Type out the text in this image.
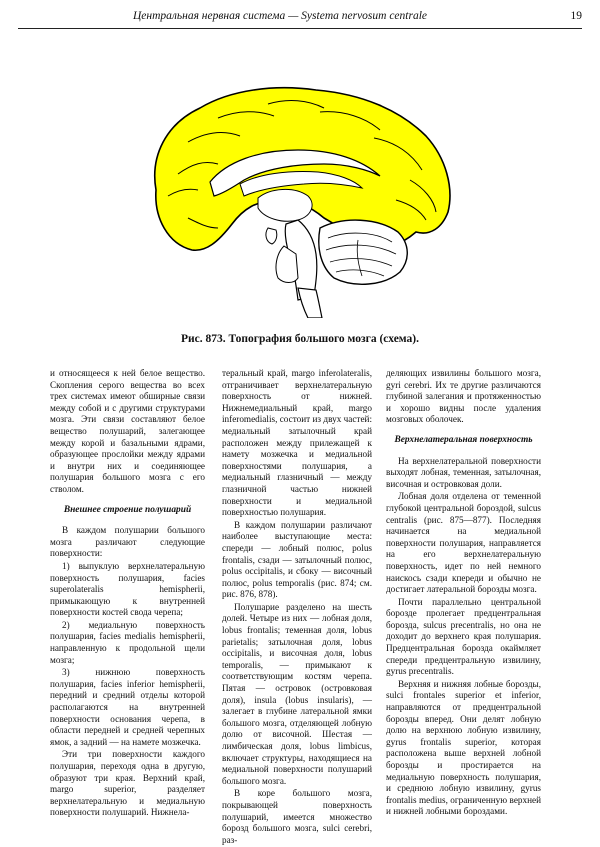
Центральная нервная система — Systema nervosum centrale	19
Рис. 873. Топография большого мозга (схема).

и относящееся к ней белое вещество. Скопления серого вещества во всех трех системах имеют обширные связи между собой и с другими структурами мозга. Эти связи составляют белое вещество полушарий, залегающее между корой и базальными ядрами, образующее прослойки между ядрами и внутри них и соединяющее полушария большого мозга с его стволом.

Внешнее строение полушарий

В каждом полушарии большого мозга различают следующие поверхности:

1) выпуклую верхнелатеральную поверхность полушария, facies superolateralis hemispherii, примыкающую к внутренней поверхности костей свода черепа;

2) медиальную поверхность полушария, facies medialis hemispherii, направленную к продольной щели мозга;

3) нижнюю поверхность полушария, facies inferior hemispherii, передний и средний отделы которой располагаются на внутренней поверхности основания черепа, в области передней и средней черепных ямок, а задний — на намете мозжечка.

Эти три поверхности каждого полушария, переходя одна в другую, образуют три края. Верхний край, margo superior, разделяет верхнелатеральную и медиальную поверхности полушарий. Нижнела-

теральный край, margo inferolateralis, отграничивает верхнелатеральную поверхность от нижней. Нижнемедиальный край, margo inferomedialis, состоит из двух частей: медиальный затылочный край расположен между прилежащей к намету мозжечка и медиальной поверхностями полушария, а медиальный глазничный — между глазничной частью нижней поверхности и медиальной поверхностью полушария.

В каждом полушарии различают наиболее выступающие места: спереди — лобный полюс, polus frontalis, сзади — затылочный полюс, polus occipitalis, и сбоку — височный полюс, polus temporalis (рис. 874; см. рис. 876, 878).

Полушарие разделено на шесть долей. Четыре из них — лобная доля, lobus frontalis; теменная доля, lobus parietalis; затылочная доля, lobus occipitalis, и височная доля, lobus temporalis, — примыкают к соответствующим костям черепа. Пятая — островок (островковая доля), insula (lobus insularis), — залегает в глубине латеральной ямки большого мозга, отделяющей лобную долю от височной. Шестая — лимбическая доля, lobus limbicus, включает структуры, находящиеся на медиальной поверхности полушарий большого мозга.

В коре большого мозга, покрывающей поверхность полушарий, имеется множество борозд большого мозга, sulci cerebri, раз-

деляющих извилины большого мозга, gyri cerebri. Их те другие различаются глубиной залегания и протяженностью и хорошо видны после удаления мозговых оболочек.

Верхнелатеральная поверхность

На верхнелатеральной поверхности выходят лобная, теменная, затылочная, височная и островковая доли.

Лобная доля отделена от теменной глубокой центральной бороздой, sulcus centralis (рис. 875—877). Последняя начинается на медиальной поверхности полушария, направляется на его верхнелатеральную поверхность, идет по ней немного наискось сзади кпереди и обычно не достигает латеральной борозды мозга.

Почти параллельно центральной борозде пролегает предцентральная борозда, sulcus precentralis, но она не доходит до верхнего края полушария. Предцентральная борозда окаймляет спереди предцентральную извилину, gyrus precentralis.

Верхняя и нижняя лобные борозды, sulci frontales superior et inferior, направляются от предцентральной борозды вперед. Они делят лобную долю на верхнюю лобную извилину, gyrus frontalis superior, которая расположена выше верхней лобной борозды и простирается на медиальную поверхность полушария, и среднюю лобную извилину, gyrus frontalis medius, ограниченную верхней и нижней лобными бороздами.
